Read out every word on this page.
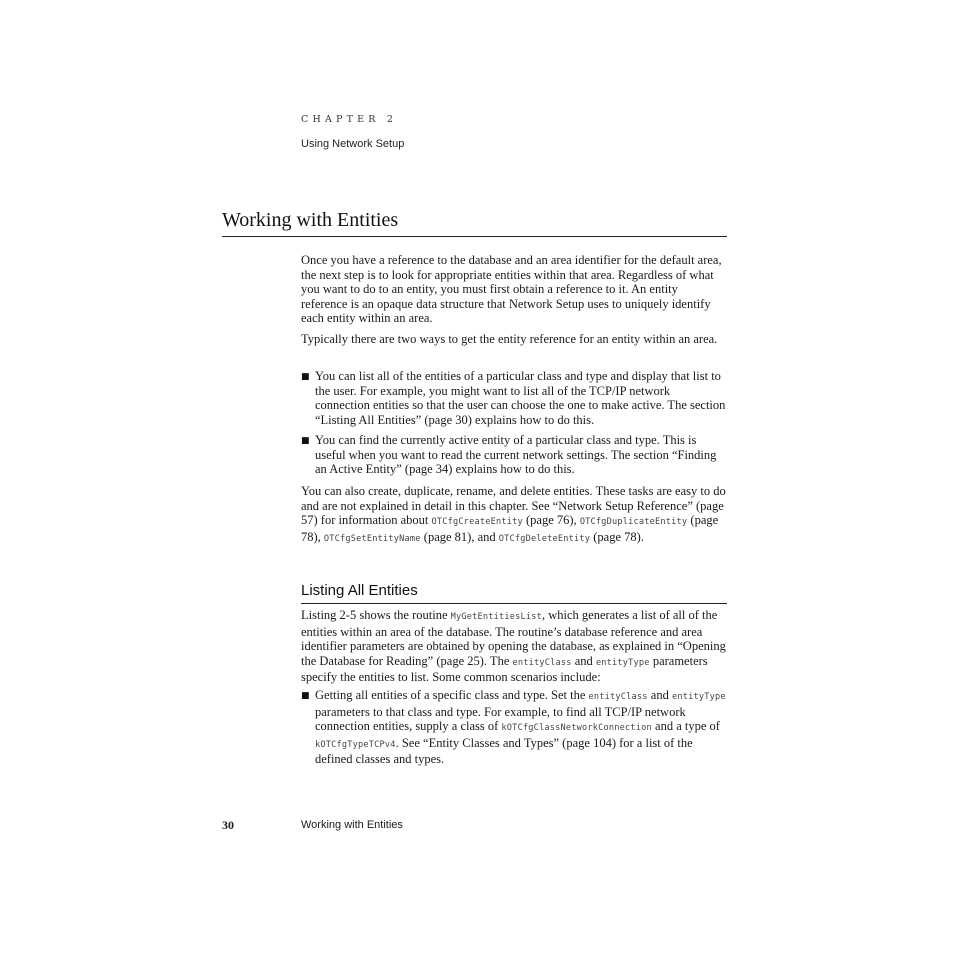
CHAPTER 2
Using Network Setup
Working with Entities
Once you have a reference to the database and an area identifier for the default area, the next step is to look for appropriate entities within that area. Regardless of what you want to do to an entity, you must first obtain a reference to it. An entity reference is an opaque data structure that Network Setup uses to uniquely identify each entity within an area.
Typically there are two ways to get the entity reference for an entity within an area.
■ You can list all of the entities of a particular class and type and display that list to the user. For example, you might want to list all of the TCP/IP network connection entities so that the user can choose the one to make active. The section “Listing All Entities” (page 30) explains how to do this.
■ You can find the currently active entity of a particular class and type. This is useful when you want to read the current network settings. The section “Finding an Active Entity” (page 34) explains how to do this.
You can also create, duplicate, rename, and delete entities. These tasks are easy to do and are not explained in detail in this chapter. See “Network Setup Reference” (page 57) for information about OTCfgCreateEntity (page 76), OTCfgDuplicateEntity (page 78), OTCfgSetEntityName (page 81), and OTCfgDeleteEntity (page 78).
Listing All Entities
Listing 2-5 shows the routine MyGetEntitiesList, which generates a list of all of the entities within an area of the database. The routine’s database reference and area identifier parameters are obtained by opening the database, as explained in “Opening the Database for Reading” (page 25). The entityClass and entityType parameters specify the entities to list. Some common scenarios include:
■ Getting all entities of a specific class and type. Set the entityClass and entityType parameters to that class and type. For example, to find all TCP/IP network connection entities, supply a class of kOTCfgClassNetworkConnection and a type of kOTCfgTypeTCPv4. See “Entity Classes and Types” (page 104) for a list of the defined classes and types.
30	Working with Entities
